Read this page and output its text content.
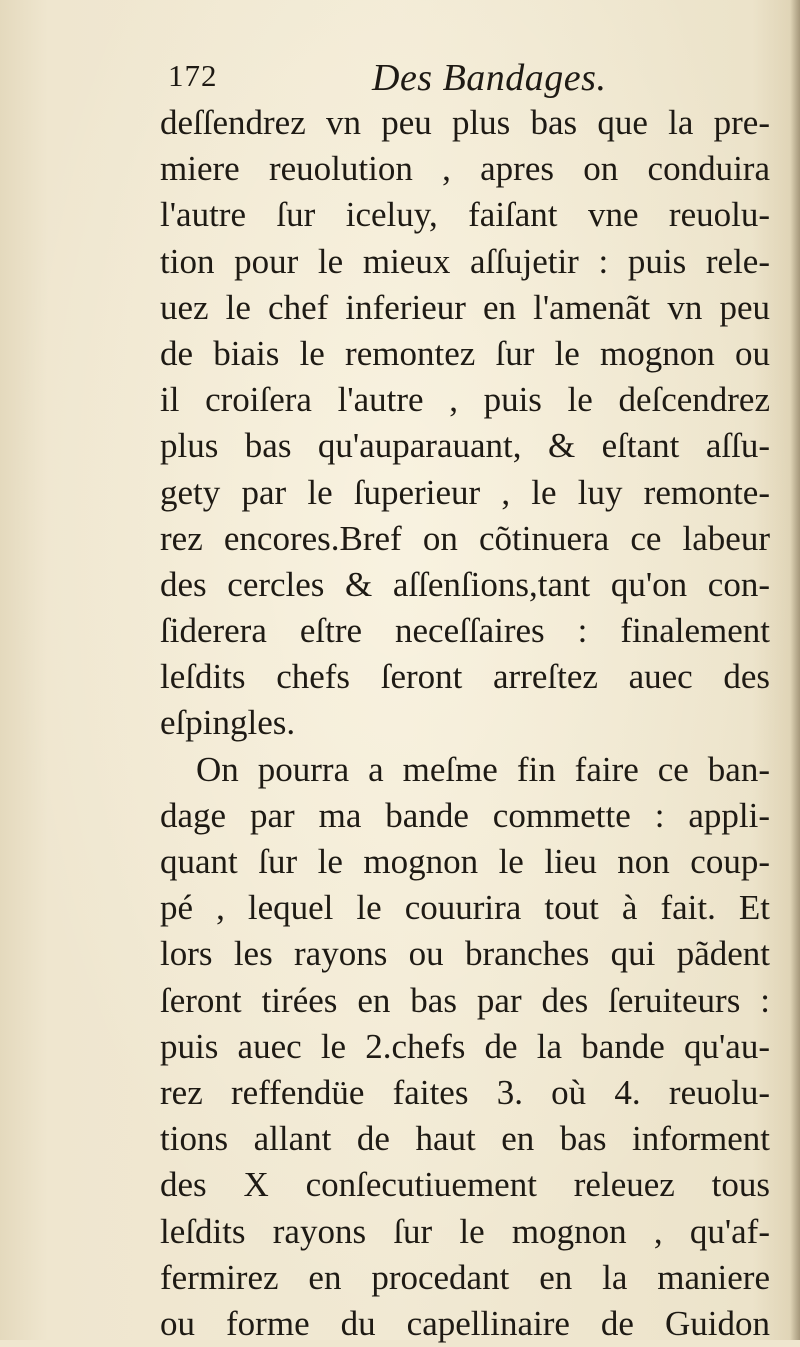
172	Des Bandages.
deſſendrez vn peu plus bas que la pre-
miere reuolution , apres on conduira
l'autre ſur iceluy, faiſant vne reuolu-
tion pour le mieux aſſujetir : puis rele-
uez le chef inferieur en l'amenãt vn peu
de biais le remontez ſur le mognon ou
il croiſera l'autre , puis le deſcendrez
plus bas qu'auparauant, & eſtant aſſu-
gety par le ſuperieur , le luy remonte-
rez encores.Bref on cõtinuera ce labeur
des cercles & aſſenſions,tant qu'on con-
ſiderera eſtre neceſſaires : finalement
leſdits chefs ſeront arreſtez auec des
eſpingles.
On pourra a meſme fin faire ce ban-
dage par ma bande commette : appli-
quant ſur le mognon le lieu non coup-
pé , lequel le couurira tout à fait. Et
lors les rayons ou branches qui pãdent
ſeront tirées en bas par des ſeruiteurs :
puis auec le 2.chefs de la bande qu'au-
rez reffendüe faites 3. où 4. reuolu-
tions allant de haut en bas informent
des X conſecutiuement releuez tous
leſdits rayons ſur le mognon , qu'af-
fermirez en procedant en la maniere
ou forme du capellinaire de Guidon
